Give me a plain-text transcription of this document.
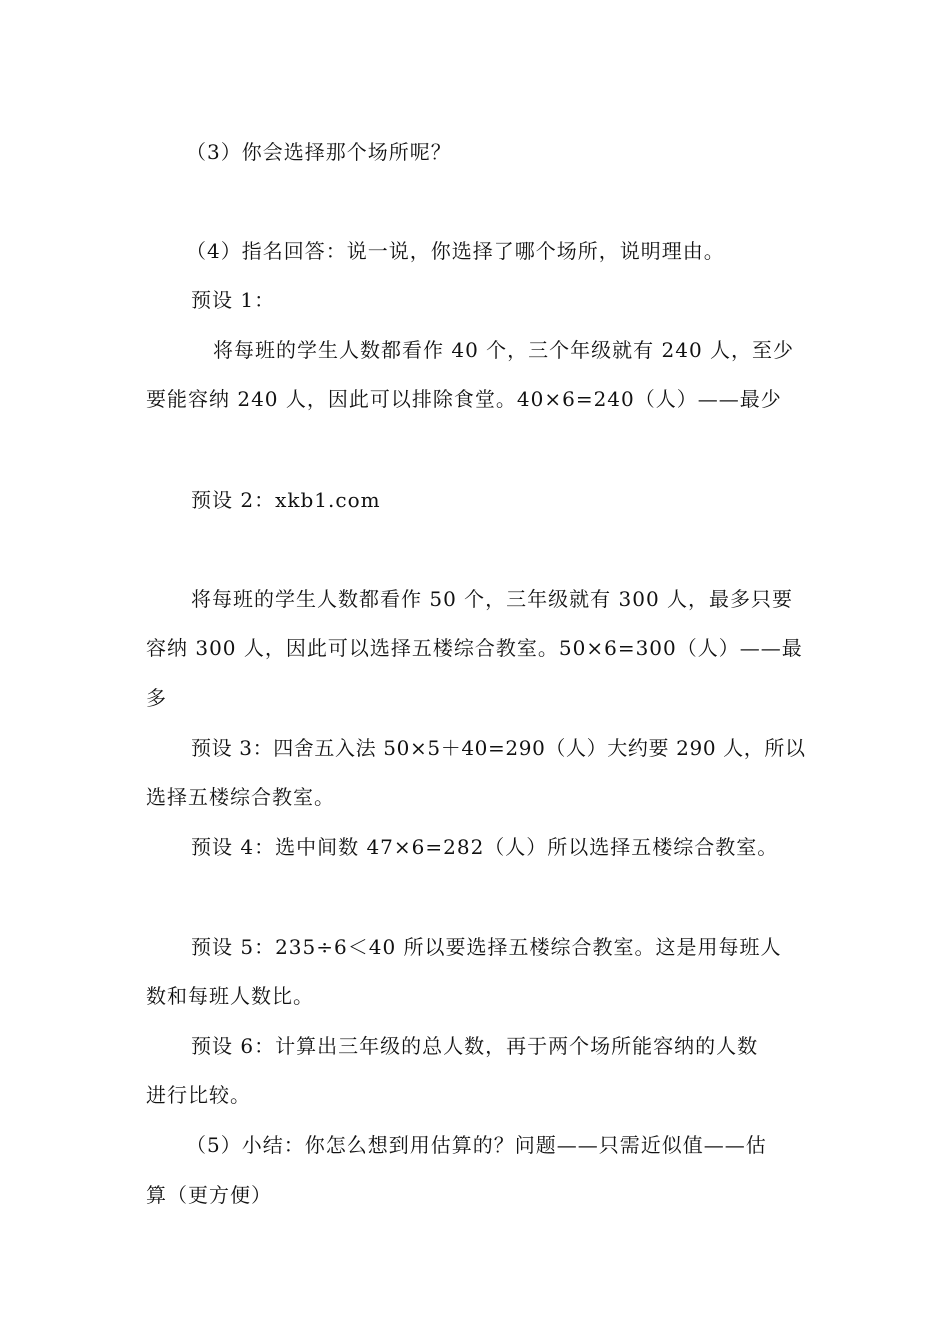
（3）你会选择那个场所呢？
（4）指名回答：说一说，你选择了哪个场所，说明理由。
预设 1：
将每班的学生人数都看作 40 个，三个年级就有 240 人，至少
要能容纳 240 人，因此可以排除食堂。40×6=240（人）——最少
预设 2：xkb1.com
将每班的学生人数都看作 50 个，三年级就有 300 人，最多只要
容纳 300 人，因此可以选择五楼综合教室。50×6=300（人）——最
多
预设 3：四舍五入法 50×5＋40=290（人）大约要 290 人，所以
选择五楼综合教室。
预设 4：选中间数 47×6=282（人）所以选择五楼综合教室。
预设 5：235÷6＜40 所以要选择五楼综合教室。这是用每班人
数和每班人数比。
预设 6：计算出三年级的总人数，再于两个场所能容纳的人数
进行比较。
（5）小结：你怎么想到用估算的？问题——只需近似值——估
算（更方便）
